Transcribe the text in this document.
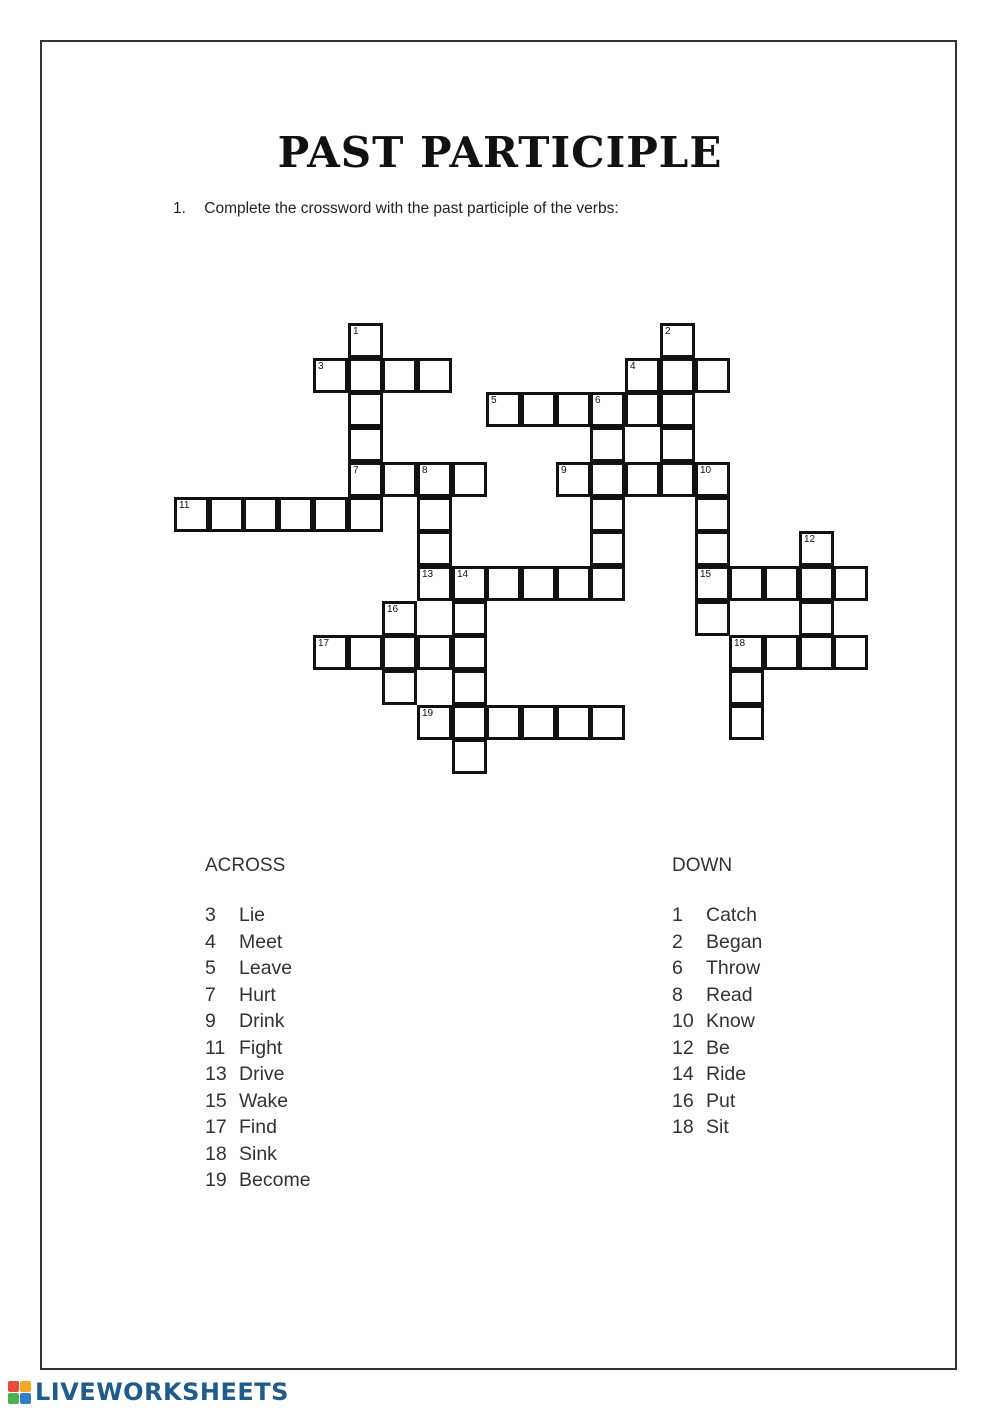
PAST PARTICIPLE
1. Complete the crossword with the past participle of the verbs:
3	4
5	6
7	8	9	10
11
13 14	15
17	18
19
1	2
12
16
ACROSS
3 Lie
4 Meet
5 Leave
7 Hurt
9 Drink
11 Fight
13 Drive
15 Wake
17 Find
18 Sink
19 Become
DOWN
1 Catch
2 Began
6 Throw
8 Read
10 Know
12 Be
14 Ride
16 Put
18 Sit
LIVEWORKSHEETS
